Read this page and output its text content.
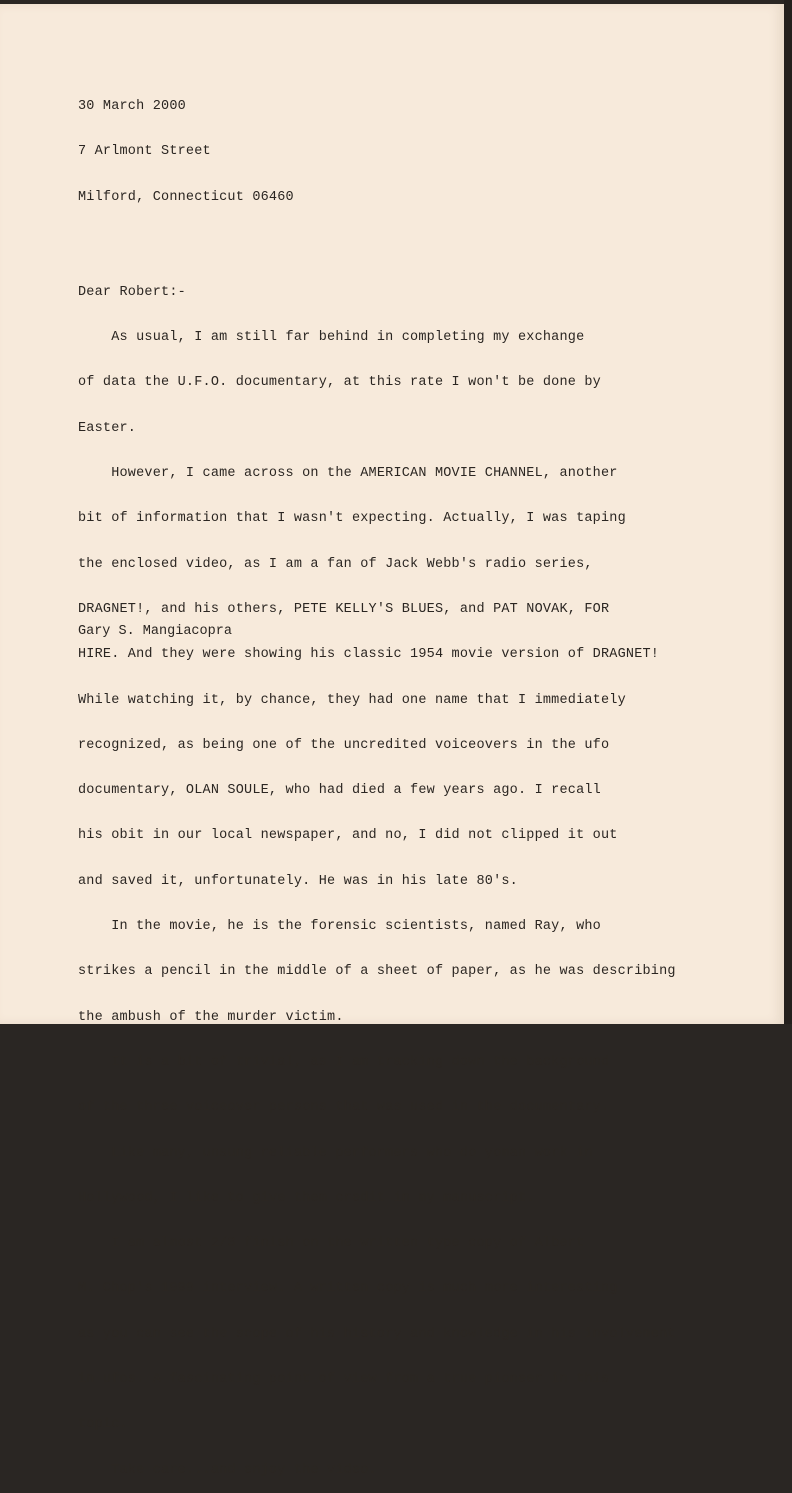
30 March 2000

7 Arlmont Street

Milford, Connecticut 06460

Dear Robert:-

As usual, I am still far behind in completing my exchange

of data the U.F.O. documentary, at this rate I won't be done by

Easter.

However, I came across on the AMERICAN MOVIE CHANNEL, another

bit of information that I wasn't expecting. Actually, I was taping

the enclosed video, as I am a fan of Jack Webb's radio series,

DRAGNET!, and his others, PETE KELLY'S BLUES, and PAT NOVAK, FOR

HIRE. And they were showing his classic 1954 movie version of DRAGNET!

While watching it, by chance, they had one name that I immediately

recognized, as being one of the uncredited voiceovers in the ufo

documentary, OLAN SOULE, who had died a few years ago. I recall

his obit in our local newspaper, and no, I did not clipped it out

and saved it, unfortunately. He was in his late 80's.

In the movie, he is the forensic scientists, named Ray, who

strikes a pencil in the middle of a sheet of paper, as he was describing

the ambush of the murder victim.

It is a bit of trivial, as I am tracking down the background

of the three voiceover persons that was used in the documentary.

Like many, unsung reliable performers who do yoman work in

Hollywood, I like to give them credit in my manuscript.

I am almost 2/3 finish on the written type copy of Albert

M. Chop's 1999 interview. A written copy is much more interesting

as you can see the scope of his history and knowledge in his involvement

in ufos. A fascinating point of view from a true pioneer in this

topic.

Take care...and enjoy the video.

Gary S. Mangiacopra
